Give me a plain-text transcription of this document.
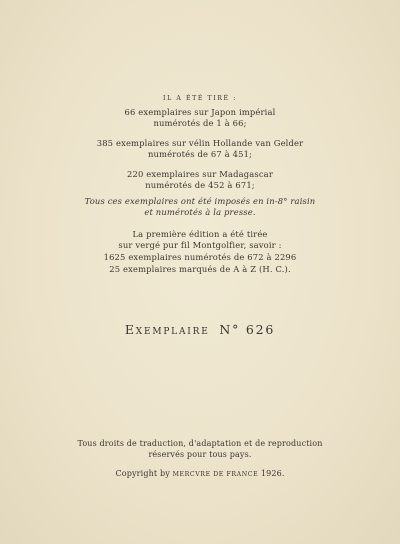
IL A ÉTÉ TIRÉ :
66 exemplaires sur Japon impérial
numérotés de 1 à 66;
385 exemplaires sur vélin Hollande van Gelder
numérotés de 67 à 451;
220 exemplaires sur Madagascar
numérotés de 452 à 671;
Tous ces exemplaires ont été imposés en in-8° raisin
et numérotés à la presse.
La première édition a été tirée
sur vergé pur fil Montgolfier, savoir :
1625 exemplaires numérotés de 672 à 2296
25 exemplaires marqués de A à Z (H. C.).
Exemplaire N° 626
Tous droits de traduction, d'adaptation et de reproduction
réservés pour tous pays.
Copyright by MERCVRE DE FRANCE 1926.
